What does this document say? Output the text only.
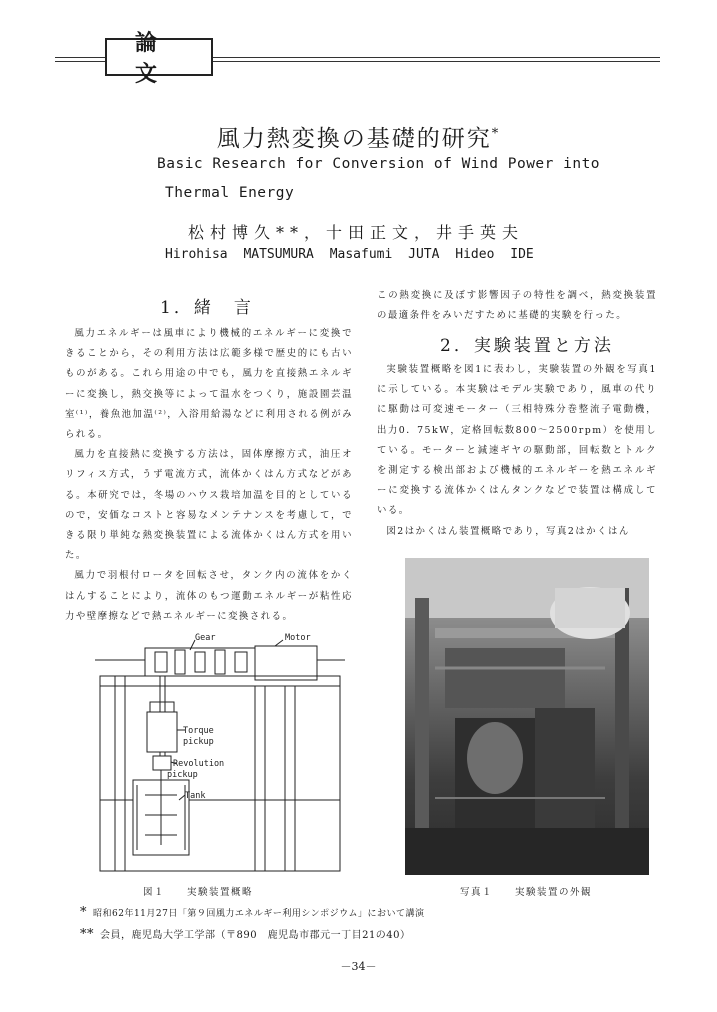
論 文
風力熱変換の基礎的研究*
Basic Research for Conversion of Wind Power into
Thermal Energy
松村博久**，十田正文，井手英夫
Hirohisa MATSUMURA Masafumi JUTA Hideo IDE
1．緒　言

風力エネルギーは風車により機械的エネルギーに変換できることから，その利用方法は広範多様で歴史的にも古いものがある。これら用途の中でも，風力を直接熱エネルギーに変換し，熱交換等によって温水をつくり，施設園芸温室⁽¹⁾，養魚池加温⁽²⁾，入浴用給湯などに利用される例がみられる。

風力を直接熱に変換する方法は，固体摩擦方式，油圧オリフィス方式，うず電流方式，流体かくはん方式などがある。本研究では，冬場のハウス栽培加温を目的としているので，安価なコストと容易なメンテナンスを考慮して，できる限り単純な熱変換装置による流体かくはん方式を用いた。

風力で羽根付ロータを回転させ，タンク内の流体をかくはんすることにより，流体のもつ運動エネルギーが粘性応力や壁摩擦などで熱エネルギーに変換される。

この熱変換に及ぼす影響因子の特性を調べ，熱変換装置の最適条件をみいだすために基礎的実験を行った。
2．実験装置と方法

実験装置概略を図1に表わし，実験装置の外観を写真1に示している。本実験はモデル実験であり，風車の代りに駆動は可変速モーター（三相特殊分巻整流子電動機，出力0．75kW，定格回転数800～2500rpm）を使用している。モーターと減速ギヤの駆動部，回転数とトルクを測定する検出部および機械的エネルギーを熱エネルギーに変換する流体かくはんタンクなどで装置は構成している。

図2はかくはん装置概略であり，写真2はかくはん

Gear	Motor
Torque
pickup
Revolution
pickup
Tank
図１　　実験装置概略	写真１　　実験装置の外観
* 昭和62年11月27日「第９回風力エネルギー利用シンポジウム」において講演
** 会員，鹿児島大学工学部（〒890　鹿児島市郡元一丁目21の40）
－34－
